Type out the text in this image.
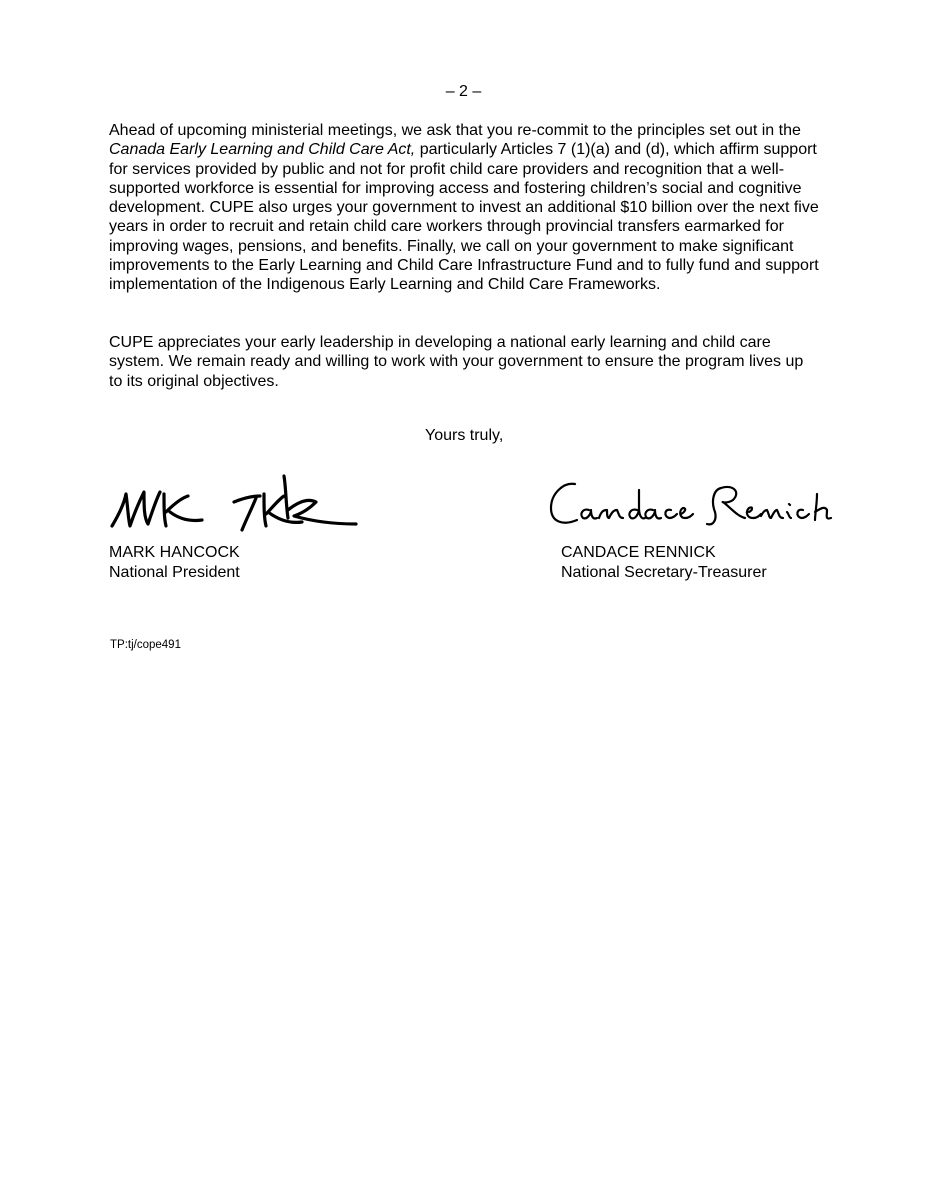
– 2 –

Ahead of upcoming ministerial meetings, we ask that you re-commit to the principles set out in the Canada Early Learning and Child Care Act, particularly Articles 7 (1)(a) and (d), which affirm support for services provided by public and not for profit child care providers and recognition that a well-supported workforce is essential for improving access and fostering children’s social and cognitive development. CUPE also urges your government to invest an additional $10 billion over the next five years in order to recruit and retain child care workers through provincial transfers earmarked for improving wages, pensions, and benefits. Finally, we call on your government to make significant improvements to the Early Learning and Child Care Infrastructure Fund and to fully fund and support implementation of the Indigenous Early Learning and Child Care Frameworks.

CUPE appreciates your early leadership in developing a national early learning and child care system. We remain ready and willing to work with your government to ensure the program lives up to its original objectives.

Yours truly,
MARK HANCOCK
National President
CANDACE RENNICK
National Secretary-Treasurer
TP:tj/cope491
